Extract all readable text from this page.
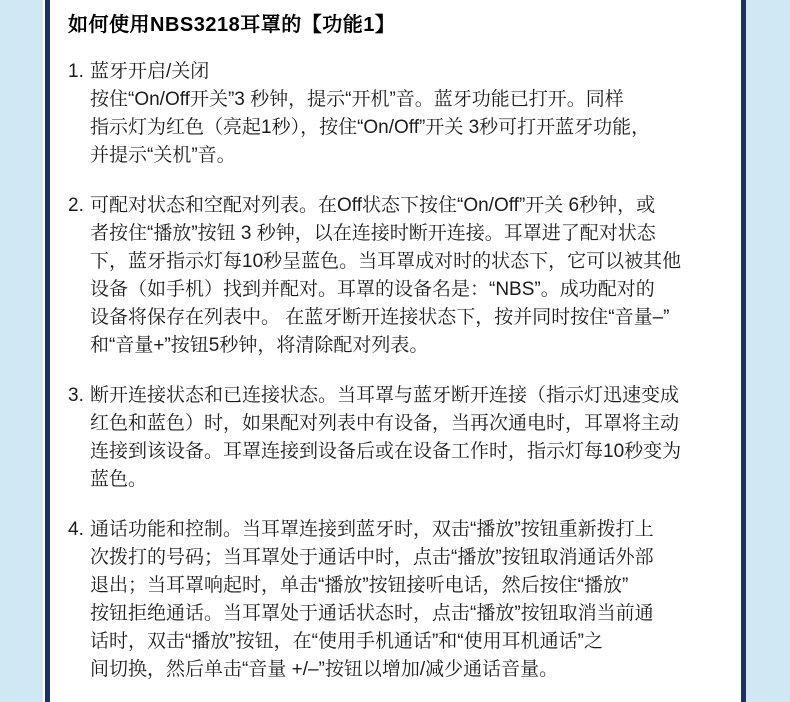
如何使用NBS3218耳罩的【功能1】
1. 蓝牙开启/关闭
按住“On/Off开关”3 秒钟，提示“开机”音。蓝牙功能已打开。同样
指示灯为红色（亮起1秒），按住“On/Off”开关 3秒可打开蓝牙功能，
并提示“关机”音。
2. 可配对状态和空配对列表。在Off状态下按住“On/Off”开关 6秒钟，或
者按住“播放”按钮 3 秒钟，以在连接时断开连接。耳罩进了配对状态
下，蓝牙指示灯每10秒呈蓝色。当耳罩成对时的状态下，它可以被其他
设备（如手机）找到并配对。耳罩的设备名是：“NBS”。成功配对的
设备将保存在列表中。 在蓝牙断开连接状态下，按并同时按住“音量–”
和“音量+”按钮5秒钟，将清除配对列表。
3. 断开连接状态和已连接状态。当耳罩与蓝牙断开连接（指示灯迅速变成
红色和蓝色）时，如果配对列表中有设备，当再次通电时，耳罩将主动
连接到该设备。耳罩连接到设备后或在设备工作时，指示灯每10秒变为
蓝色。
4. 通话功能和控制。当耳罩连接到蓝牙时，双击“播放”按钮重新拨打上
次拨打的号码；当耳罩处于通话中时，点击“播放”按钮取消通话外部
退出；当耳罩响起时，单击“播放”按钮接听电话，然后按住“播放”
按钮拒绝通话。当耳罩处于通话状态时，点击“播放”按钮取消当前通
话时，双击“播放”按钮，在“使用手机通话”和“使用耳机通话”之
间切换，然后单击“音量 +/–”按钮以增加/减少通话音量。
